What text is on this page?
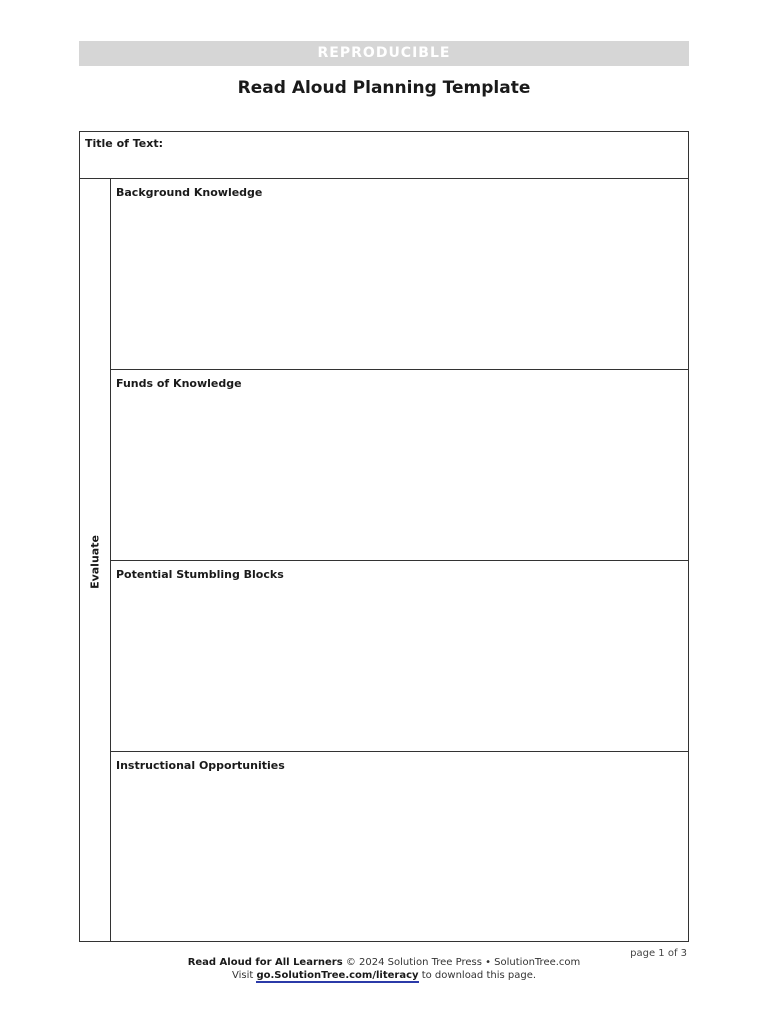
REPRODUCIBLE
Read Aloud Planning Template
Title of Text:
Evaluate
Background Knowledge
Funds of Knowledge
Potential Stumbling Blocks
Instructional Opportunities
page 1 of 3
Read Aloud for All Learners © 2024 Solution Tree Press • SolutionTree.com
Visit go.SolutionTree.com/literacy to download this page.
